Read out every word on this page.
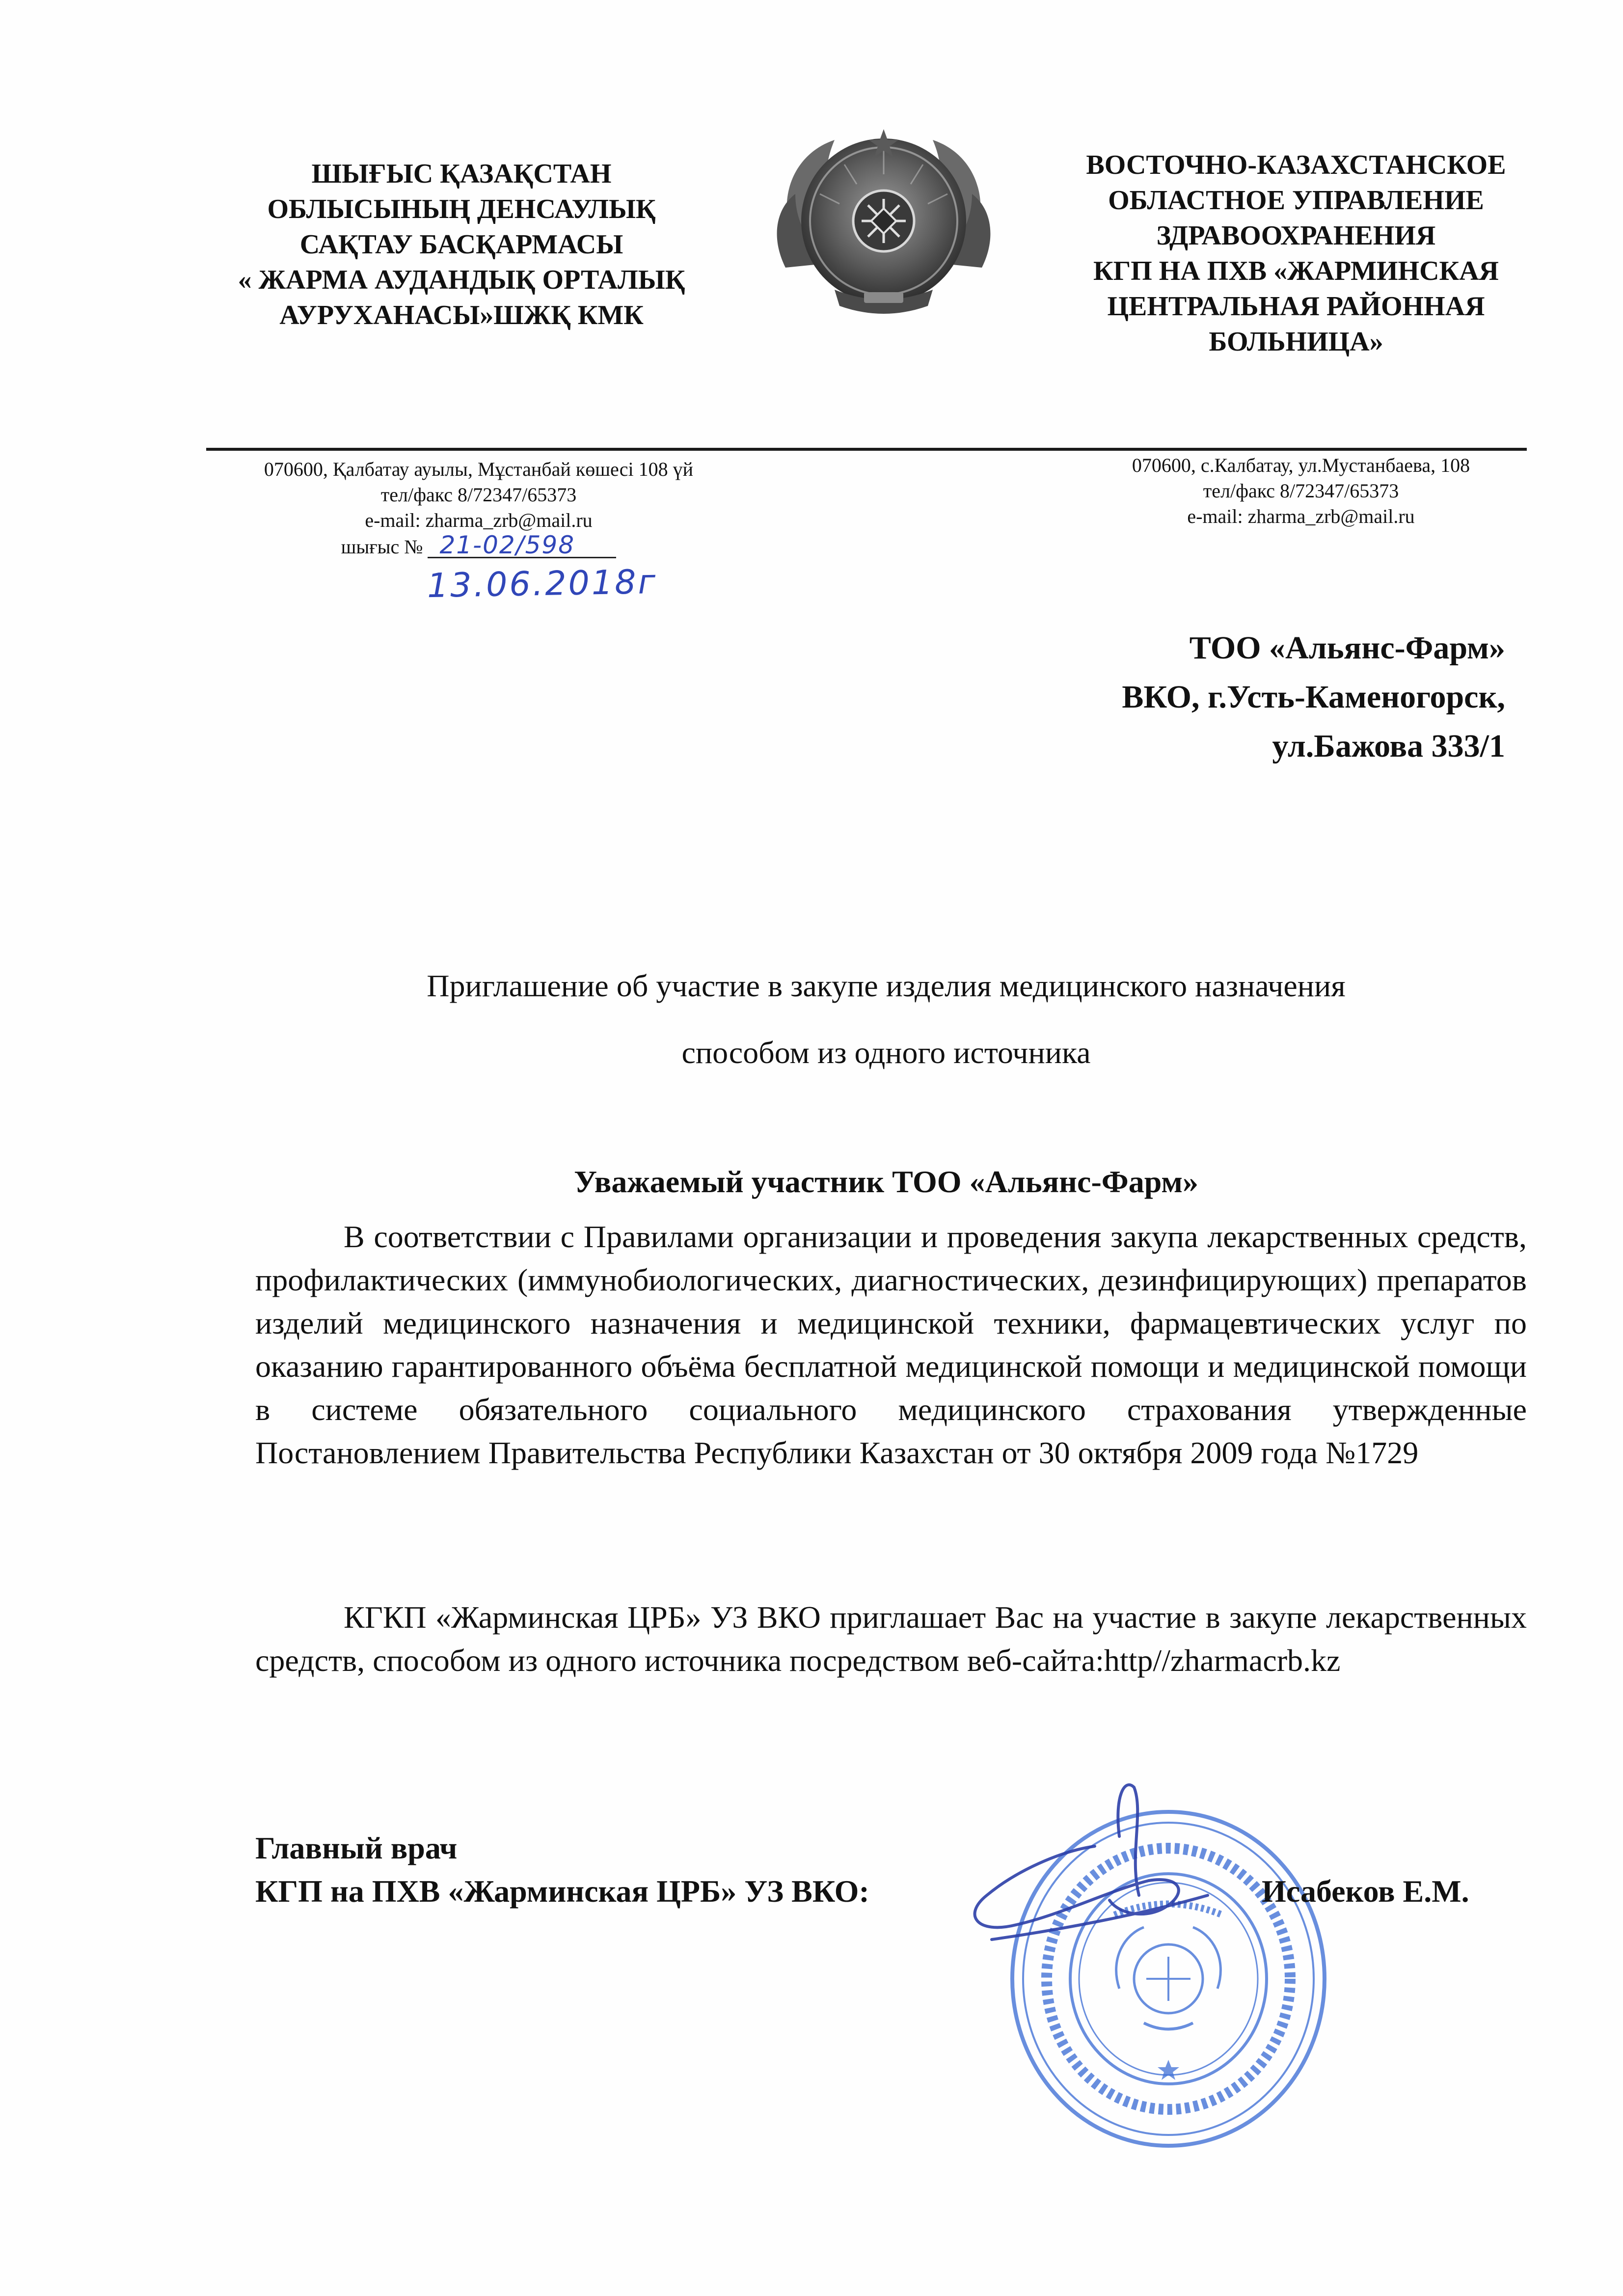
ШЫҒЫС ҚАЗАҚСТАН
ОБЛЫСЫНЫҢ ДЕНСАУЛЫҚ
САҚТАУ БАСҚАРМАСЫ
« ЖАРМА АУДАНДЫҚ ОРТАЛЫҚ
АУРУХАНАСЫ»ШЖҚ КМК
ВОСТОЧНО-КАЗАХСТАНСКОЕ
ОБЛАСТНОЕ УПРАВЛЕНИЕ
ЗДРАВООХРАНЕНИЯ
КГП НА ПХВ «ЖАРМИНСКАЯ
ЦЕНТРАЛЬНАЯ РАЙОННАЯ
БОЛЬНИЦА»
070600, Қалбатау ауылы, Мұстанбай көшесі 108 үй
тел/факс 8/72347/65373
e-mail: zharma_zrb@mail.ru
шығыс № 21-02/598
13.06.2018г
070600, с.Калбатау, ул.Мустанбаева, 108
тел/факс 8/72347/65373
e-mail: zharma_zrb@mail.ru
ТОО «Альянс-Фарм»
ВКО, г.Усть-Каменогорск,
ул.Бажова 333/1
Приглашение об участие в закупе изделия медицинского назначения
способом из одного источника
Уважаемый участник ТОО «Альянс-Фарм»
В соответствии с Правилами организации и проведения закупа лекарственных средств, профилактических (иммунобиологических, диагностических, дезинфицирующих) препаратов изделий медицинского назначения и медицинской техники, фармацевтических услуг по оказанию гарантированного объёма бесплатной медицинской помощи и медицинской помощи в системе обязательного социального медицинского страхования утвержденные Постановлением Правительства Республики Казахстан от 30 октября 2009 года №1729
КГКП «Жарминская ЦРБ» УЗ ВКО приглашает Вас на участие в закупе лекарственных средств, способом из одного источника посредством веб-сайта:http//zharmacrb.kz
Главный врач
КГП на ПХВ «Жарминская ЦРБ» УЗ ВКО:	Исабеков Е.М.
